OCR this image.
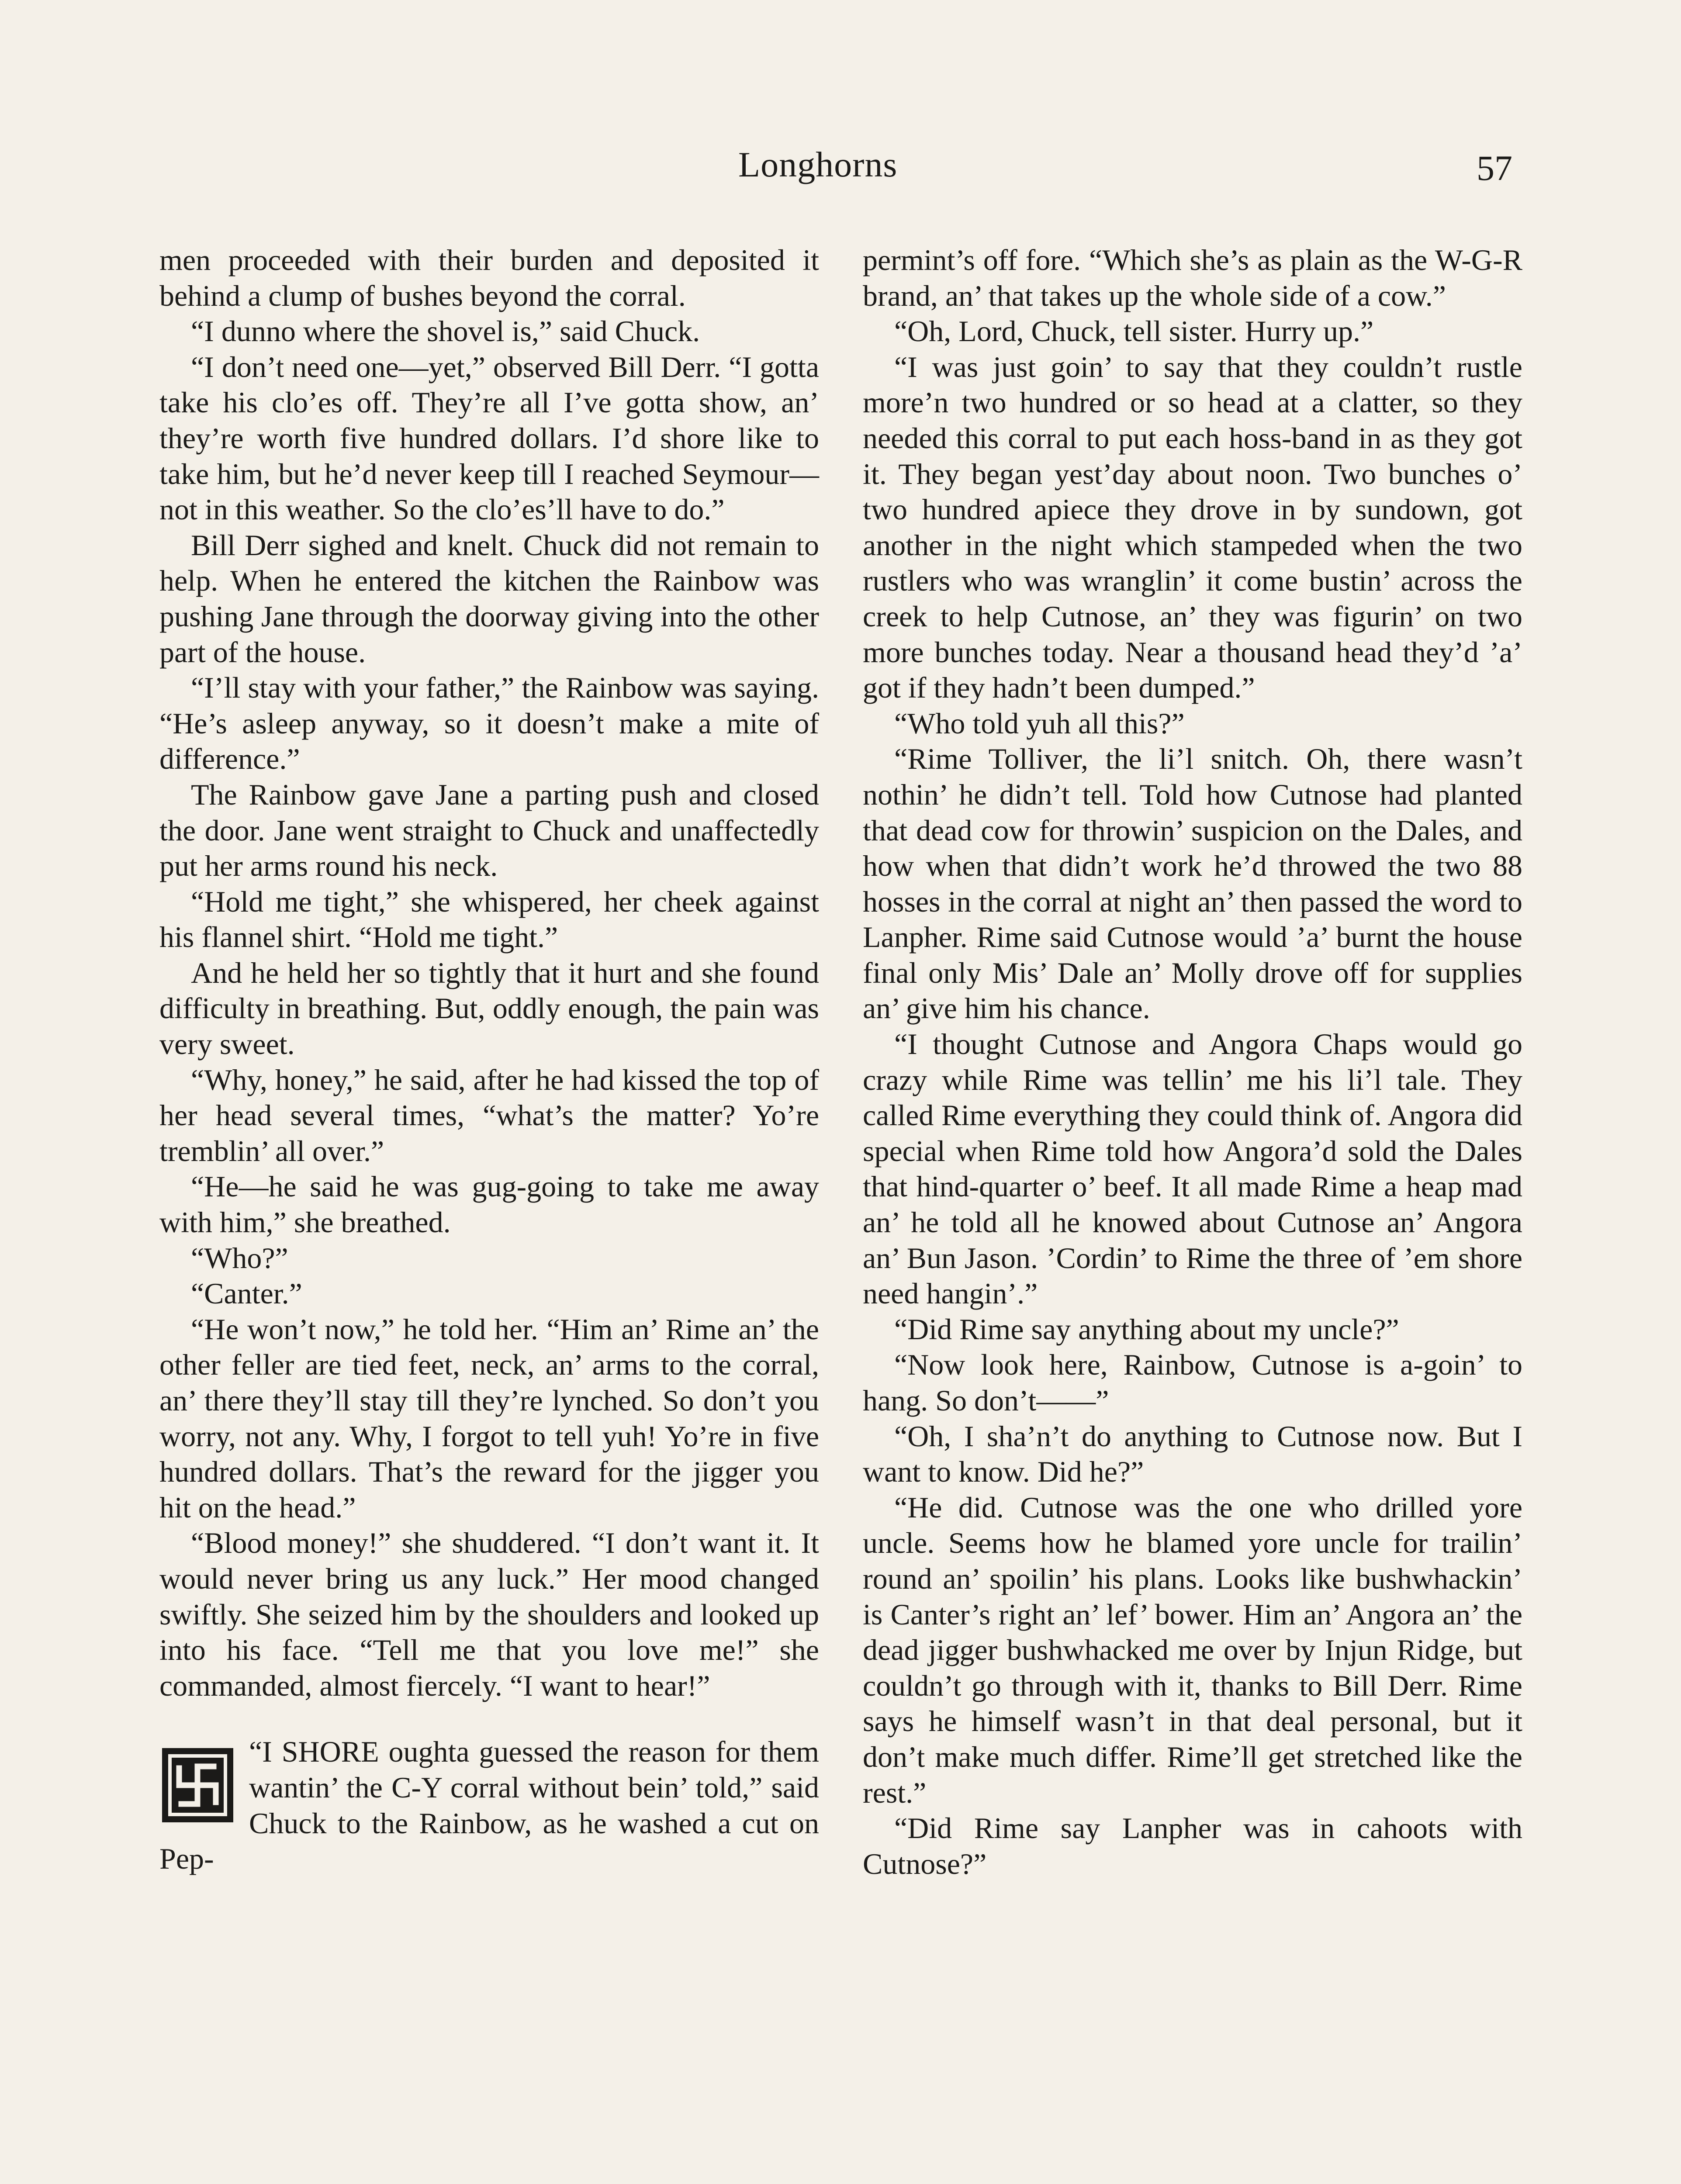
Longhorns	57

men proceeded with their burden and deposited it behind a clump of bushes beyond the corral.

“I dunno where the shovel is,” said Chuck.

“I don’t need one—yet,” observed Bill Derr. “I gotta take his clo’es off. They’re all I’ve gotta show, an’ they’re worth five hundred dollars. I’d shore like to take him, but he’d never keep till I reached Seymour—not in this weather. So the clo’es’ll have to do.”

Bill Derr sighed and knelt. Chuck did not remain to help. When he entered the kitchen the Rainbow was pushing Jane through the doorway giving into the other part of the house.

“I’ll stay with your father,” the Rainbow was saying. “He’s asleep anyway, so it doesn’t make a mite of difference.”

The Rainbow gave Jane a parting push and closed the door. Jane went straight to Chuck and unaffectedly put her arms round his neck.

“Hold me tight,” she whispered, her cheek against his flannel shirt. “Hold me tight.”

And he held her so tightly that it hurt and she found difficulty in breathing. But, oddly enough, the pain was very sweet.

“Why, honey,” he said, after he had kissed the top of her head several times, “what’s the matter? Yo’re tremblin’ all over.”

“He—he said he was gug-going to take me away with him,” she breathed.

“Who?”

“Canter.”

“He won’t now,” he told her. “Him an’ Rime an’ the other feller are tied feet, neck, an’ arms to the corral, an’ there they’ll stay till they’re lynched. So don’t you worry, not any. Why, I forgot to tell yuh! Yo’re in five hundred dollars. That’s the reward for the jigger you hit on the head.”

“Blood money!” she shuddered. “I don’t want it. It would never bring us any luck.” Her mood changed swiftly. She seized him by the shoulders and looked up into his face. “Tell me that you love me!” she commanded, almost fiercely. “I want to hear!”

“I SHORE oughta guessed the reason for them wantin’ the C-Y corral without bein’ told,” said Chuck to the Rainbow, as he washed a cut on Pep-

permint’s off fore. “Which she’s as plain as the W-G-R brand, an’ that takes up the whole side of a cow.”

“Oh, Lord, Chuck, tell sister. Hurry up.”

“I was just goin’ to say that they couldn’t rustle more’n two hundred or so head at a clatter, so they needed this corral to put each hoss-band in as they got it. They began yest’day about noon. Two bunches o’ two hundred apiece they drove in by sundown, got another in the night which stampeded when the two rustlers who was wranglin’ it come bustin’ across the creek to help Cutnose, an’ they was figurin’ on two more bunches today. Near a thousand head they’d ’a’ got if they hadn’t been dumped.”

“Who told yuh all this?”

“Rime Tolliver, the li’l snitch. Oh, there wasn’t nothin’ he didn’t tell. Told how Cutnose had planted that dead cow for throwin’ suspicion on the Dales, and how when that didn’t work he’d throwed the two 88 hosses in the corral at night an’ then passed the word to Lanpher. Rime said Cutnose would ’a’ burnt the house final only Mis’ Dale an’ Molly drove off for supplies an’ give him his chance.

“I thought Cutnose and Angora Chaps would go crazy while Rime was tellin’ me his li’l tale. They called Rime everything they could think of. Angora did special when Rime told how Angora’d sold the Dales that hind-quarter o’ beef. It all made Rime a heap mad an’ he told all he knowed about Cutnose an’ Angora an’ Bun Jason. ’Cordin’ to Rime the three of ’em shore need hangin’.”

“Did Rime say anything about my uncle?”

“Now look here, Rainbow, Cutnose is a-goin’ to hang. So don’t——”

“Oh, I sha’n’t do anything to Cutnose now. But I want to know. Did he?”

“He did. Cutnose was the one who drilled yore uncle. Seems how he blamed yore uncle for trailin’ round an’ spoilin’ his plans. Looks like bushwhackin’ is Canter’s right an’ lef’ bower. Him an’ Angora an’ the dead jigger bushwhacked me over by Injun Ridge, but couldn’t go through with it, thanks to Bill Derr. Rime says he himself wasn’t in that deal personal, but it don’t make much differ. Rime’ll get stretched like the rest.”

“Did Rime say Lanpher was in cahoots with Cutnose?”
